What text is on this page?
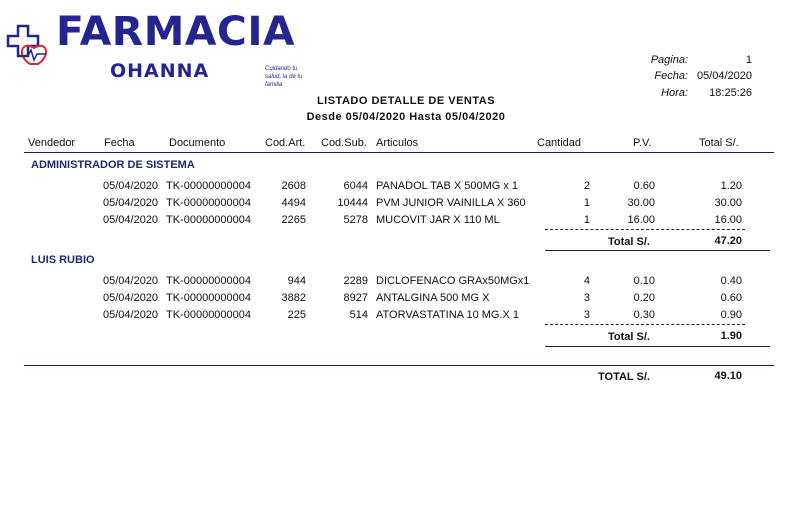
FARMACIA
OHANNA	Cuidando tu salud, la de tu familia
Pagina:	1
Fecha: 05/04/2020
Hora:	18:25:26
LISTADO DETALLE DE VENTAS
Desde 05/04/2020 Hasta 05/04/2020
Vendedor	Fecha	Documento	Cod.Art. Cod.Sub. Articulos	Cantidad	P.V.	Total S/.
ADMINISTRADOR DE SISTEMA
05/04/2020 TK-00000000004	2608	6044 PANADOL TAB X 500MG x 1	2	0.60	1.20
05/04/2020 TK-00000000004	4494	10444 PVM JUNIOR VAINILLA X 360	1	30.00	30.00
05/04/2020 TK-00000000004	2265	5278 MUCOVIT JAR X 110 ML	1	16.00	16.00
Total S/.	47.20
LUIS RUBIO
05/04/2020 TK-00000000004	944	2289 DICLOFENACO GRAx50MGx1	4	0.10	0.40
05/04/2020 TK-00000000004	3882	8927 ANTALGINA 500 MG X	3	0.20	0.60
05/04/2020 TK-00000000004	225	514 ATORVASTATINA 10 MG.X 1	3	0.30	0.90
Total S/.	1.90
TOTAL S/.	49.10
